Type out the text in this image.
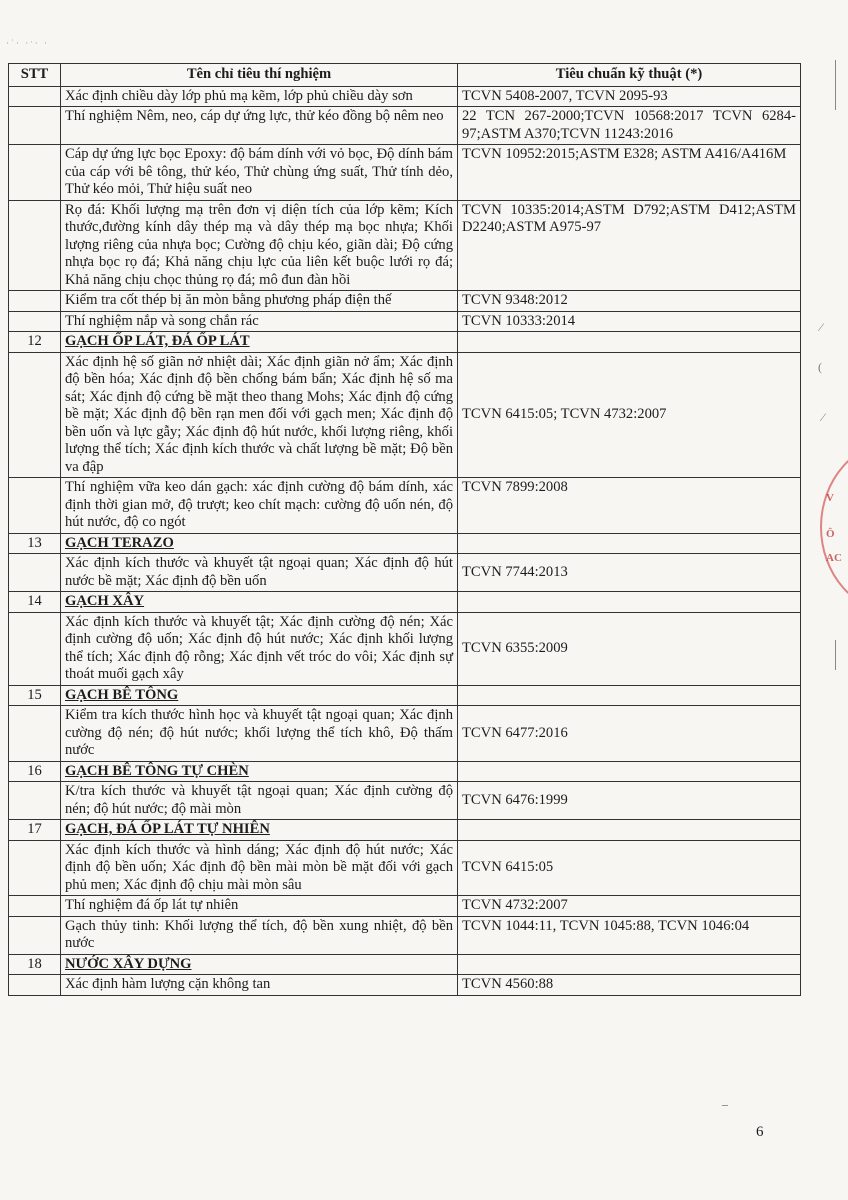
·˙· ·ˑ· ·
⁄
(
⁄
V
Ô
AC
STT	Tên chỉ tiêu thí nghiệm	Tiêu chuẩn kỹ thuật (*)
	Xác định chiều dày lớp phủ mạ kẽm, lớp phủ chiều dày sơn	TCVN 5408-2007, TCVN 2095-93
	Thí nghiệm Nêm, neo, cáp dự ứng lực, thử kéo đồng bộ nêm neo	22 TCN 267-2000;TCVN 10568:2017 TCVN 6284-97;ASTM A370;TCVN 11243:2016
	Cáp dự ứng lực bọc Epoxy: độ bám dính với vỏ bọc, Độ dính bám của cáp với bê tông, thử kéo, Thử chùng ứng suất, Thử tính dẻo, Thử kéo mỏi, Thử hiệu suất neo	TCVN 10952:2015;ASTM E328; ASTM A416/A416M
	Rọ đá: Khối lượng mạ trên đơn vị diện tích của lớp kẽm; Kích thước,đường kính dây thép mạ và dây thép mạ bọc nhựa; Khối lượng riêng của nhựa bọc; Cường độ chịu kéo, giãn dài; Độ cứng nhựa bọc rọ đá; Khả năng chịu lực của liên kết buộc lưới rọ đá; Khả năng chịu chọc thủng rọ đá; mô đun đàn hồi	TCVN 10335:2014;ASTM D792;ASTM D412;ASTM D2240;ASTM A975-97
	Kiểm tra cốt thép bị ăn mòn bằng phương pháp điện thế	TCVN 9348:2012
	Thí nghiệm nắp và song chắn rác	TCVN 10333:2014
12	GẠCH ỐP LÁT, ĐÁ ỐP LÁT	
	Xác định hệ số giãn nở nhiệt dài; Xác định giãn nở ẩm; Xác định độ bền hóa; Xác định độ bền chống bám bẩn; Xác định hệ số ma sát; Xác định độ cứng bề mặt theo thang Mohs; Xác định độ cứng bề mặt; Xác định độ bền rạn men đối với gạch men; Xác định độ bền uốn và lực gẫy; Xác định độ hút nước, khối lượng riêng, khối lượng thể tích; Xác định kích thước và chất lượng bề mặt; Độ bền va đập	TCVN 6415:05; TCVN 4732:2007
	Thí nghiệm vữa keo dán gạch: xác định cường độ bám dính, xác định thời gian mở, độ trượt; keo chít mạch: cường độ uốn nén, độ hút nước, độ co ngót	TCVN 7899:2008
13	GẠCH TERAZO	
	Xác định kích thước và khuyết tật ngoại quan; Xác định độ hút nước bề mặt; Xác định độ bền uốn	TCVN 7744:2013
14	GẠCH XÂY	
	Xác định kích thước và khuyết tật; Xác định cường độ nén; Xác định cường độ uốn; Xác định độ hút nước; Xác định khối lượng thể tích; Xác định độ rỗng; Xác định vết tróc do vôi; Xác định sự thoát muối gạch xây	TCVN 6355:2009
15	GẠCH BÊ TÔNG	
	Kiểm tra kích thước hình học và khuyết tật ngoại quan; Xác định cường độ nén; độ hút nước; khối lượng thể tích khô, Độ thấm nước	TCVN 6477:2016
16	GẠCH BÊ TÔNG TỰ CHÈN	
	K/tra kích thước và khuyết tật ngoại quan; Xác định cường độ nén; độ hút nước; độ mài mòn	TCVN 6476:1999
17	GẠCH, ĐÁ ỐP LÁT TỰ NHIÊN	
	Xác định kích thước và hình dáng; Xác định độ hút nước; Xác định độ bền uốn; Xác định độ bền mài mòn bề mặt đối với gạch phủ men; Xác định độ chịu mài mòn sâu	TCVN 6415:05
	Thí nghiệm đá ốp lát tự nhiên	TCVN 4732:2007
	Gạch thủy tinh: Khối lượng thể tích, độ bền xung nhiệt, độ bền nước	TCVN 1044:11, TCVN 1045:88, TCVN 1046:04
18	NƯỚC XÂY DỰNG	
	Xác định hàm lượng cặn không tan	TCVN 4560:88
–
6
